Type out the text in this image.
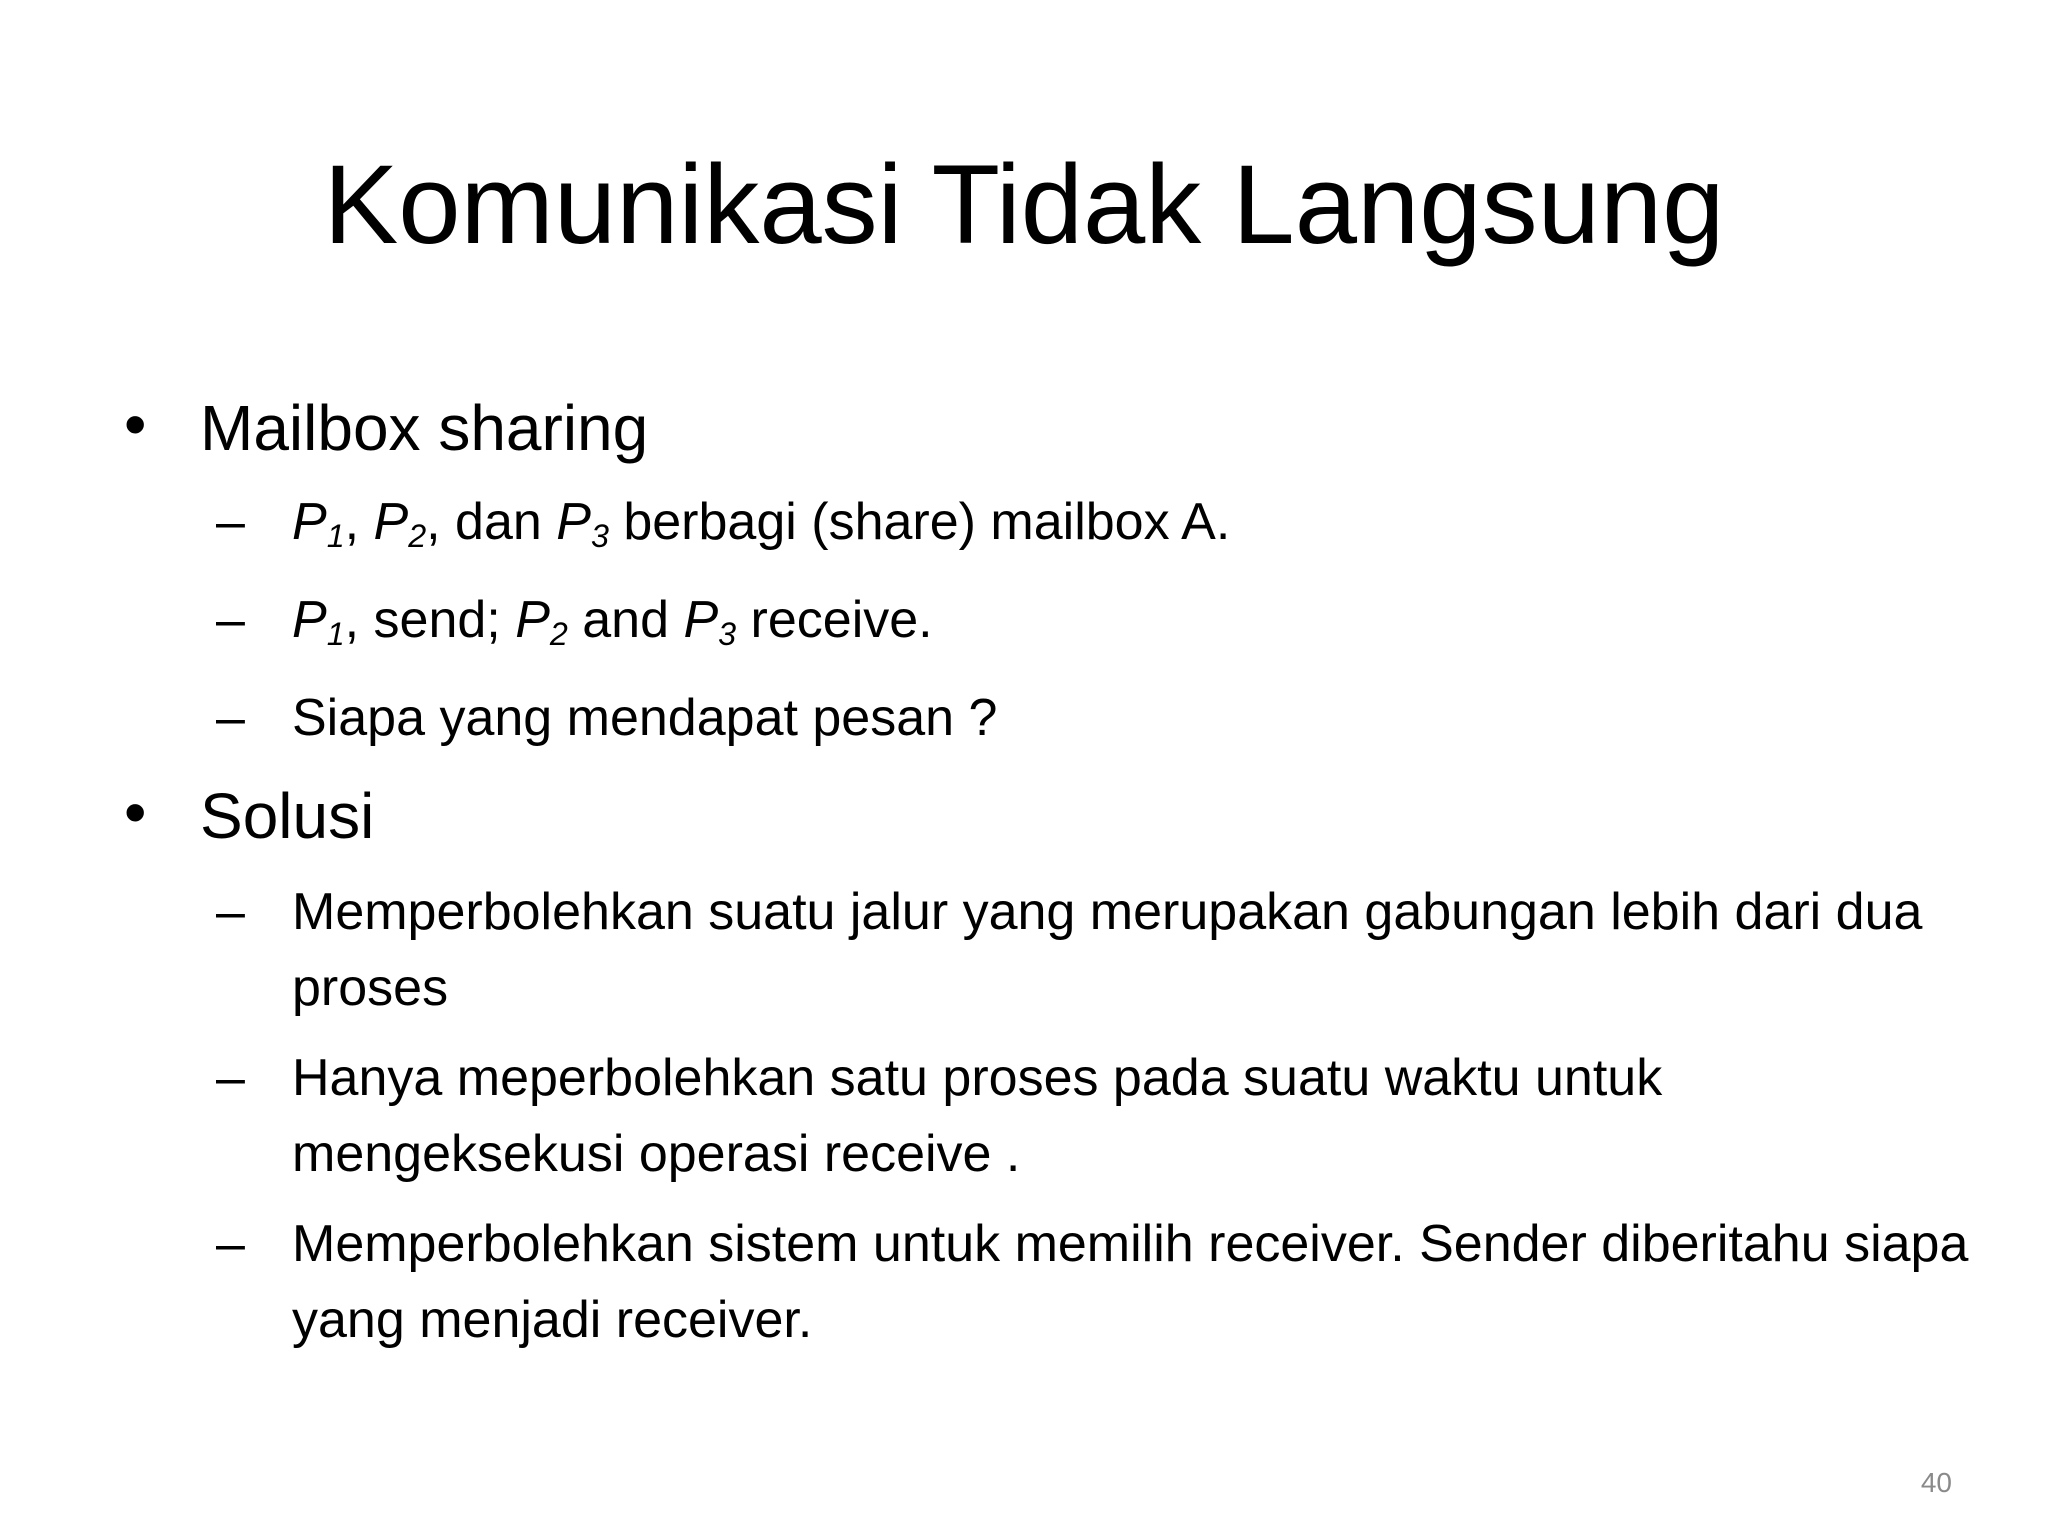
Komunikasi Tidak Langsung
• Mailbox sharing
– $P_1$, $P_2$, dan $P_3$ berbagi (share) mailbox A.
– $P_1$, send; $P_2$ and $P_3$ receive.
– Siapa yang mendapat pesan ?
• Solusi
– Memperbolehkan suatu jalur yang merupakan gabungan lebih dari dua proses
– Hanya meperbolehkan satu proses pada suatu waktu untuk mengeksekusi operasi receive .
– Memperbolehkan sistem untuk memilih receiver. Sender diberitahu siapa yang menjadi receiver.
40
